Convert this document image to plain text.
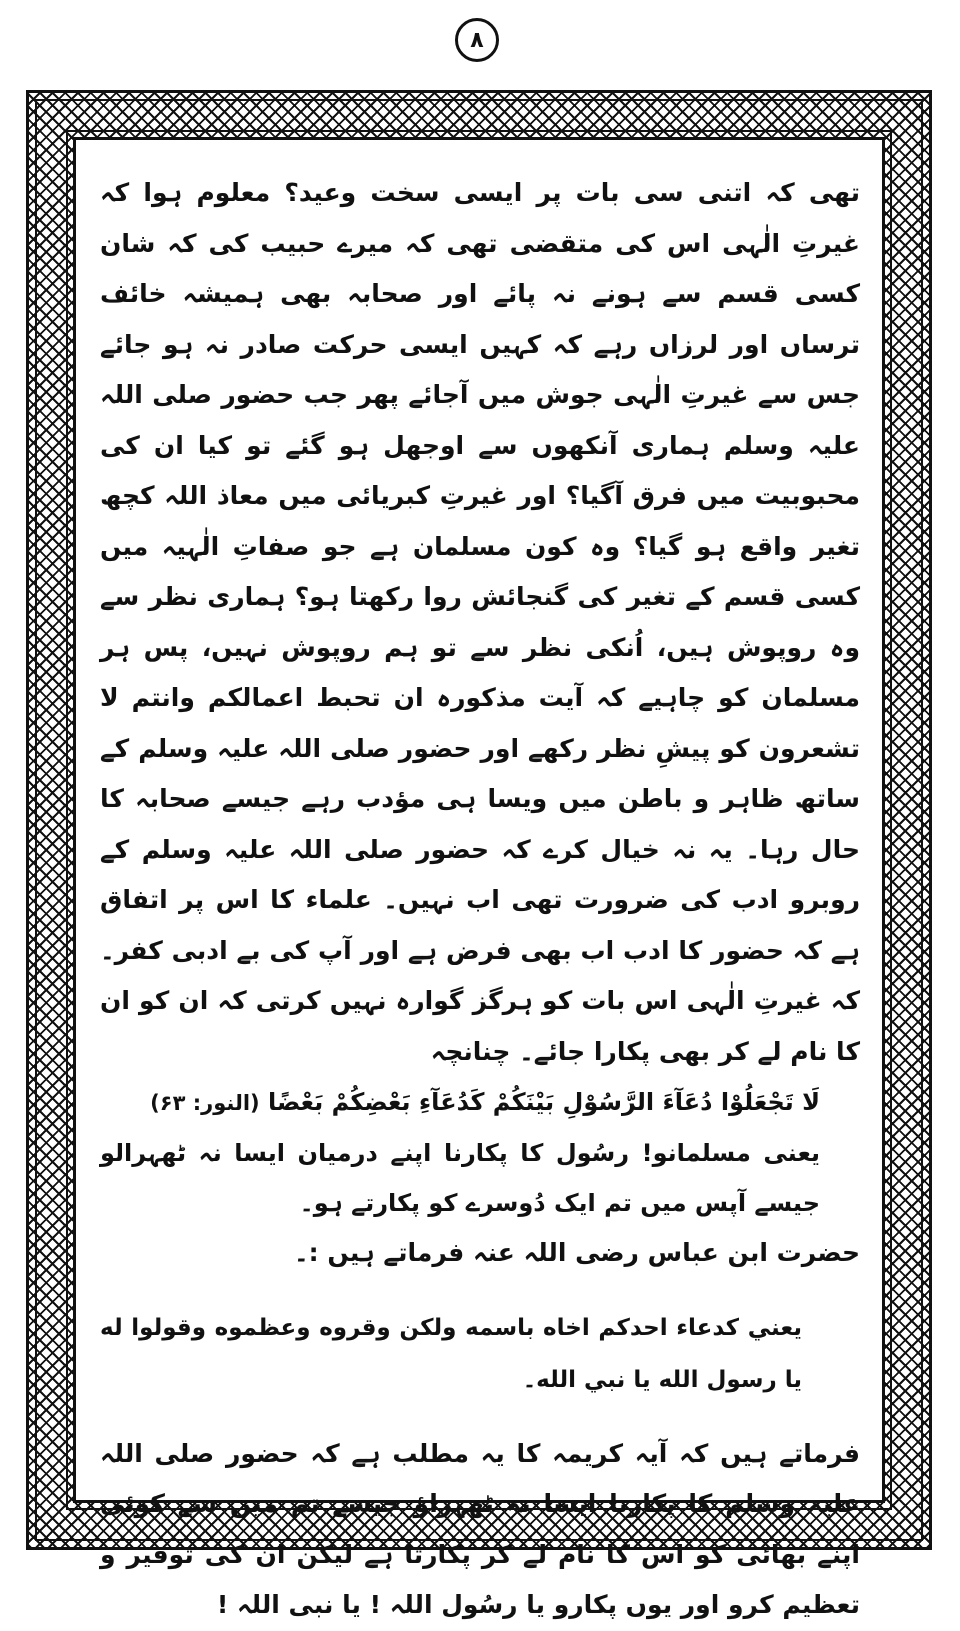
٨

تھی کہ اتنی سی بات پر ایسی سخت وعید؟ معلوم ہوا کہ غیرتِ الٰہی اس کی متقضی تھی کہ میرے حبیب کی کہ شان کسی قسم سے ہونے نہ پائے اور صحابہ بھی ہمیشہ خائف ترساں اور لرزاں رہے کہ کہیں ایسی حرکت صادر نہ ہو جائے جس سے غیرتِ الٰہی جوش میں آجائے پھر جب حضور صلی اللہ علیہ وسلم ہماری آنکھوں سے اوجھل ہو گئے تو کیا ان کی محبوبیت میں فرق آگیا؟ اور غیرتِ کبریائی میں معاذ اللہ کچھ تغیر واقع ہو گیا؟ وہ کون مسلمان ہے جو صفاتِ الٰہیہ میں کسی قسم کے تغیر کی گنجائش روا رکھتا ہو؟ ہماری نظر سے وہ روپوش ہیں، اُنکی نظر سے تو ہم روپوش نہیں، پس ہر مسلمان کو چاہیے کہ آیت مذکورہ ان تحبط اعمالکم وانتم لا تشعرون کو پیشِ نظر رکھے اور حضور صلی اللہ علیہ وسلم کے ساتھ ظاہر و باطن میں ویسا ہی مؤدب رہے جیسے صحابہ کا حال رہا۔ یہ نہ خیال کرے کہ حضور صلی اللہ علیہ وسلم کے روبرو ادب کی ضرورت تھی اب نہیں۔ علماء کا اس پر اتفاق ہے کہ حضور کا ادب اب بھی فرض ہے اور آپ کی بے ادبی کفر۔ کہ غیرتِ الٰہی اس بات کو ہرگز گوارہ نہیں کرتی کہ ان کو ان کا نام لے کر بھی پکارا جائے۔ چنانچہ

لَا تَجْعَلُوْا دُعَآءَ الرَّسُوْلِ بَيْنَكُمْ كَدُعَآءِ بَعْضِكُمْ بَعْضًا (النور: ۶۳)

یعنی مسلمانو! رسُول کا پکارنا اپنے درمیان ایسا نہ ٹھہرالو جیسے آپس میں تم ایک دُوسرے کو پکارتے ہو۔

حضرت ابن عباس رضی اللہ عنہ فرماتے ہیں :۔

يعني كدعاء احدكم اخاه باسمه ولكن وقروه وعظموه وقولوا له يا رسول الله يا نبي الله۔

فرماتے ہیں کہ آیہ کریمہ کا یہ مطلب ہے کہ حضور صلی اللہ علیہ وسلم کا پکارنا ایسا نہ ٹھہراؤ جیسے تم میں سے کوئی اپنے بھائی کو اس کا نام لے کر پکارتا ہے لیکن ان کی توقیر و تعظیم کرو اور یوں پکارو یا رسُول اللہ ! یا نبی اللہ !
